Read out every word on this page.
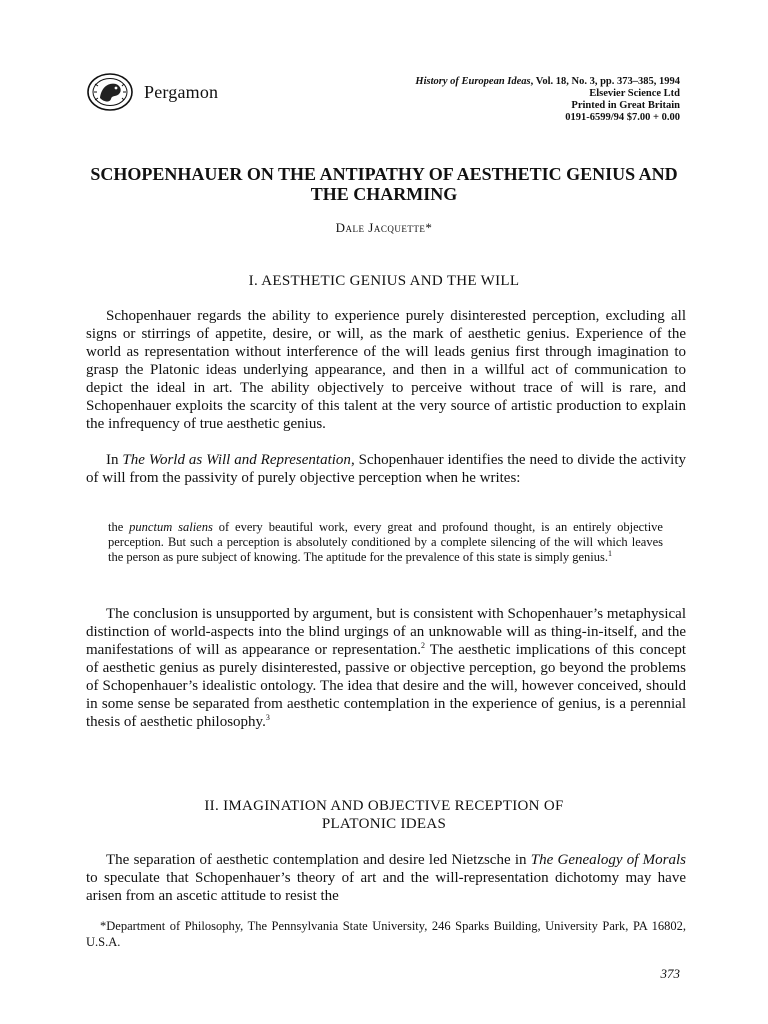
Pergamon	History of European Ideas, Vol. 18, No. 3, pp. 373–385, 1994
Elsevier Science Ltd
Printed in Great Britain
0191-6599/94 $7.00 + 0.00
SCHOPENHAUER ON THE ANTIPATHY OF AESTHETIC GENIUS AND THE CHARMING
Dale Jacquette*
I. AESTHETIC GENIUS AND THE WILL

Schopenhauer regards the ability to experience purely disinterested perception, excluding all signs or stirrings of appetite, desire, or will, as the mark of aesthetic genius. Experience of the world as representation without interference of the will leads genius first through imagination to grasp the Platonic ideas underlying appearance, and then in a willful act of communication to depict the ideal in art. The ability objectively to perceive without trace of will is rare, and Schopenhauer exploits the scarcity of this talent at the very source of artistic production to explain the infrequency of true aesthetic genius.

In The World as Will and Representation, Schopenhauer identifies the need to divide the activity of will from the passivity of purely objective perception when he writes:

the punctum saliens of every beautiful work, every great and profound thought, is an entirely objective perception. But such a perception is absolutely conditioned by a complete silencing of the will which leaves the person as pure subject of knowing. The aptitude for the prevalence of this state is simply genius.$^1$

The conclusion is unsupported by argument, but is consistent with Schopenhauer’s metaphysical distinction of world-aspects into the blind urgings of an unknowable will as thing-in-itself, and the manifestations of will as appearance or representation.$^2$ The aesthetic implications of this concept of aesthetic genius as purely disinterested, passive or objective perception, go beyond the problems of Schopenhauer’s idealistic ontology. The idea that desire and the will, however conceived, should in some sense be separated from aesthetic contemplation in the experience of genius, is a perennial thesis of aesthetic philosophy.$^3$

II. IMAGINATION AND OBJECTIVE RECEPTION OF
PLATONIC IDEAS

The separation of aesthetic contemplation and desire led Nietzsche in The Genealogy of Morals to speculate that Schopenhauer’s theory of art and the will-representation dichotomy may have arisen from an ascetic attitude to resist the

*Department of Philosophy, The Pennsylvania State University, 246 Sparks Building, University Park, PA 16802, U.S.A.

373
